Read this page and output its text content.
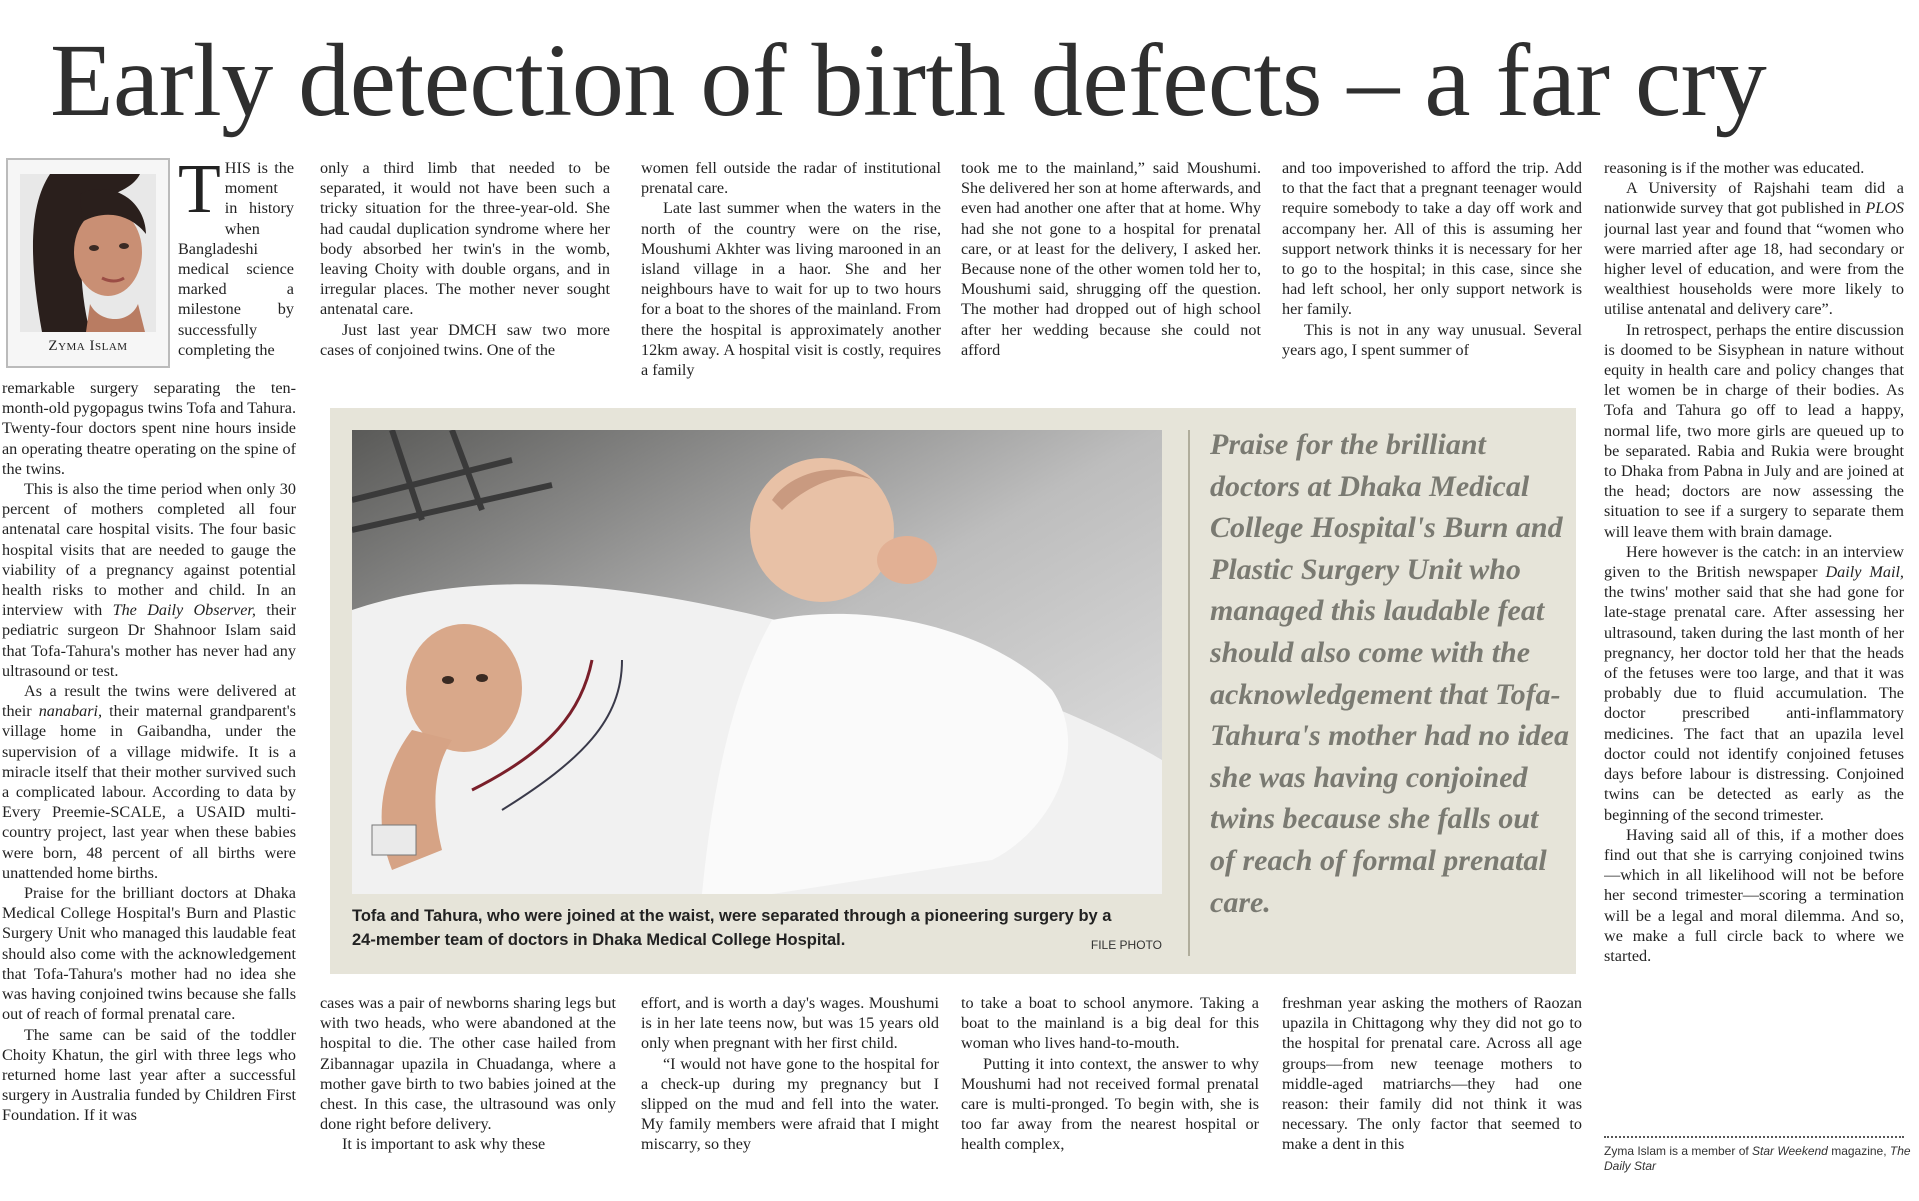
Early detection of birth defects – a far cry
Zyma Islam

THIS is the moment in history when Bangladeshi medical science marked a milestone by successfully completing the

remarkable surgery separating the ten-month-old pygopagus twins Tofa and Tahura. Twenty-four doctors spent nine hours inside an operating theatre operating on the spine of the twins.

This is also the time period when only 30 percent of mothers completed all four antenatal care hospital visits. The four basic hospital visits that are needed to gauge the viability of a pregnancy against potential health risks to mother and child. In an interview with The Daily Observer, their pediatric surgeon Dr Shahnoor Islam said that Tofa-Tahura's mother has never had any ultrasound or test.

As a result the twins were delivered at their nanabari, their maternal grandparent's village home in Gaibandha, under the supervision of a village midwife. It is a miracle itself that their mother survived such a complicated labour. According to data by Every Preemie-SCALE, a USAID multi-country project, last year when these babies were born, 48 percent of all births were unattended home births.

Praise for the brilliant doctors at Dhaka Medical College Hospital's Burn and Plastic Surgery Unit who managed this laudable feat should also come with the acknowledgement that Tofa-Tahura's mother had no idea she was having conjoined twins because she falls out of reach of formal prenatal care.

The same can be said of the toddler Choity Khatun, the girl with three legs who returned home last year after a successful surgery in Australia funded by Children First Foundation. If it was

only a third limb that needed to be separated, it would not have been such a tricky situation for the three-year-old. She had caudal duplication syndrome where her body absorbed her twin's in the womb, leaving Choity with double organs, and in irregular places. The mother never sought antenatal care.

Just last year DMCH saw two more cases of conjoined twins. One of the

women fell outside the radar of institutional prenatal care.

Late last summer when the waters in the north of the country were on the rise, Moushumi Akhter was living marooned in an island village in a haor. She and her neighbours have to wait for up to two hours for a boat to the shores of the mainland. From there the hospital is approximately another 12km away. A hospital visit is costly, requires a family

took me to the mainland,” said Moushumi. She delivered her son at home afterwards, and even had another one after that at home. Why had she not gone to a hospital for prenatal care, or at least for the delivery, I asked her. Because none of the other women told her to, Moushumi said, shrugging off the question. The mother had dropped out of high school after her wedding because she could not afford

and too impoverished to afford the trip. Add to that the fact that a pregnant teenager would require somebody to take a day off work and accompany her. All of this is assuming her support network thinks it is necessary for her to go to the hospital; in this case, since she had left school, her only support network is her family.

This is not in any way unusual. Several years ago, I spent summer of

reasoning is if the mother was educated.

A University of Rajshahi team did a nationwide survey that got published in PLOS journal last year and found that “women who were married after age 18, had secondary or higher level of education, and were from the wealthiest households were more likely to utilise antenatal and delivery care”.

In retrospect, perhaps the entire discussion is doomed to be Sisyphean in nature without equity in health care and policy changes that let women be in charge of their bodies. As Tofa and Tahura go off to lead a happy, normal life, two more girls are queued up to be separated. Rabia and Rukia were brought to Dhaka from Pabna in July and are joined at the head; doctors are now assessing the situation to see if a surgery to separate them will leave them with brain damage.

Here however is the catch: in an interview given to the British newspaper Daily Mail, the twins' mother said that she had gone for late-stage prenatal care. After assessing her ultrasound, taken during the last month of her pregnancy, her doctor told her that the heads of the fetuses were too large, and that it was probably due to fluid accumulation. The doctor prescribed anti-inflammatory medicines. The fact that an upazila level doctor could not identify conjoined fetuses days before labour is distressing. Conjoined twins can be detected as early as the beginning of the second trimester.

Having said all of this, if a mother does find out that she is carrying conjoined twins—which in all likelihood will not be before her second trimester—scoring a termination will be a legal and moral dilemma. And so, we make a full circle back to where we started.

Tofa and Tahura, who were joined at the waist, were separated through a pioneering surgery by a 24-member team of doctors in Dhaka Medical College Hospital.	FILE PHOTO
Praise for the brilliant doctors at Dhaka Medical College Hospital's Burn and Plastic Surgery Unit who managed this laudable feat should also come with the acknowledgement that Tofa-Tahura's mother had no idea she was having conjoined twins because she falls out of reach of formal prenatal care.

cases was a pair of newborns sharing legs but with two heads, who were abandoned at the hospital to die. The other case hailed from Zibannagar upazila in Chuadanga, where a mother gave birth to two babies joined at the chest. In this case, the ultrasound was only done right before delivery.

It is important to ask why these

effort, and is worth a day's wages. Moushumi is in her late teens now, but was 15 years old only when pregnant with her first child.

“I would not have gone to the hospital for a check-up during my pregnancy but I slipped on the mud and fell into the water. My family members were afraid that I might miscarry, so they

to take a boat to school anymore. Taking a boat to the mainland is a big deal for this woman who lives hand-to-mouth.

Putting it into context, the answer to why Moushumi had not received formal prenatal care is multi-pronged. To begin with, she is too far away from the nearest hospital or health complex,

freshman year asking the mothers of Raozan upazila in Chittagong why they did not go to the hospital for prenatal care. Across all age groups—from new teenage mothers to middle-aged matriarchs—they had one reason: their family did not think it was necessary. The only factor that seemed to make a dent in this	Zyma Islam is a member of Star Weekend magazine, The Daily Star
